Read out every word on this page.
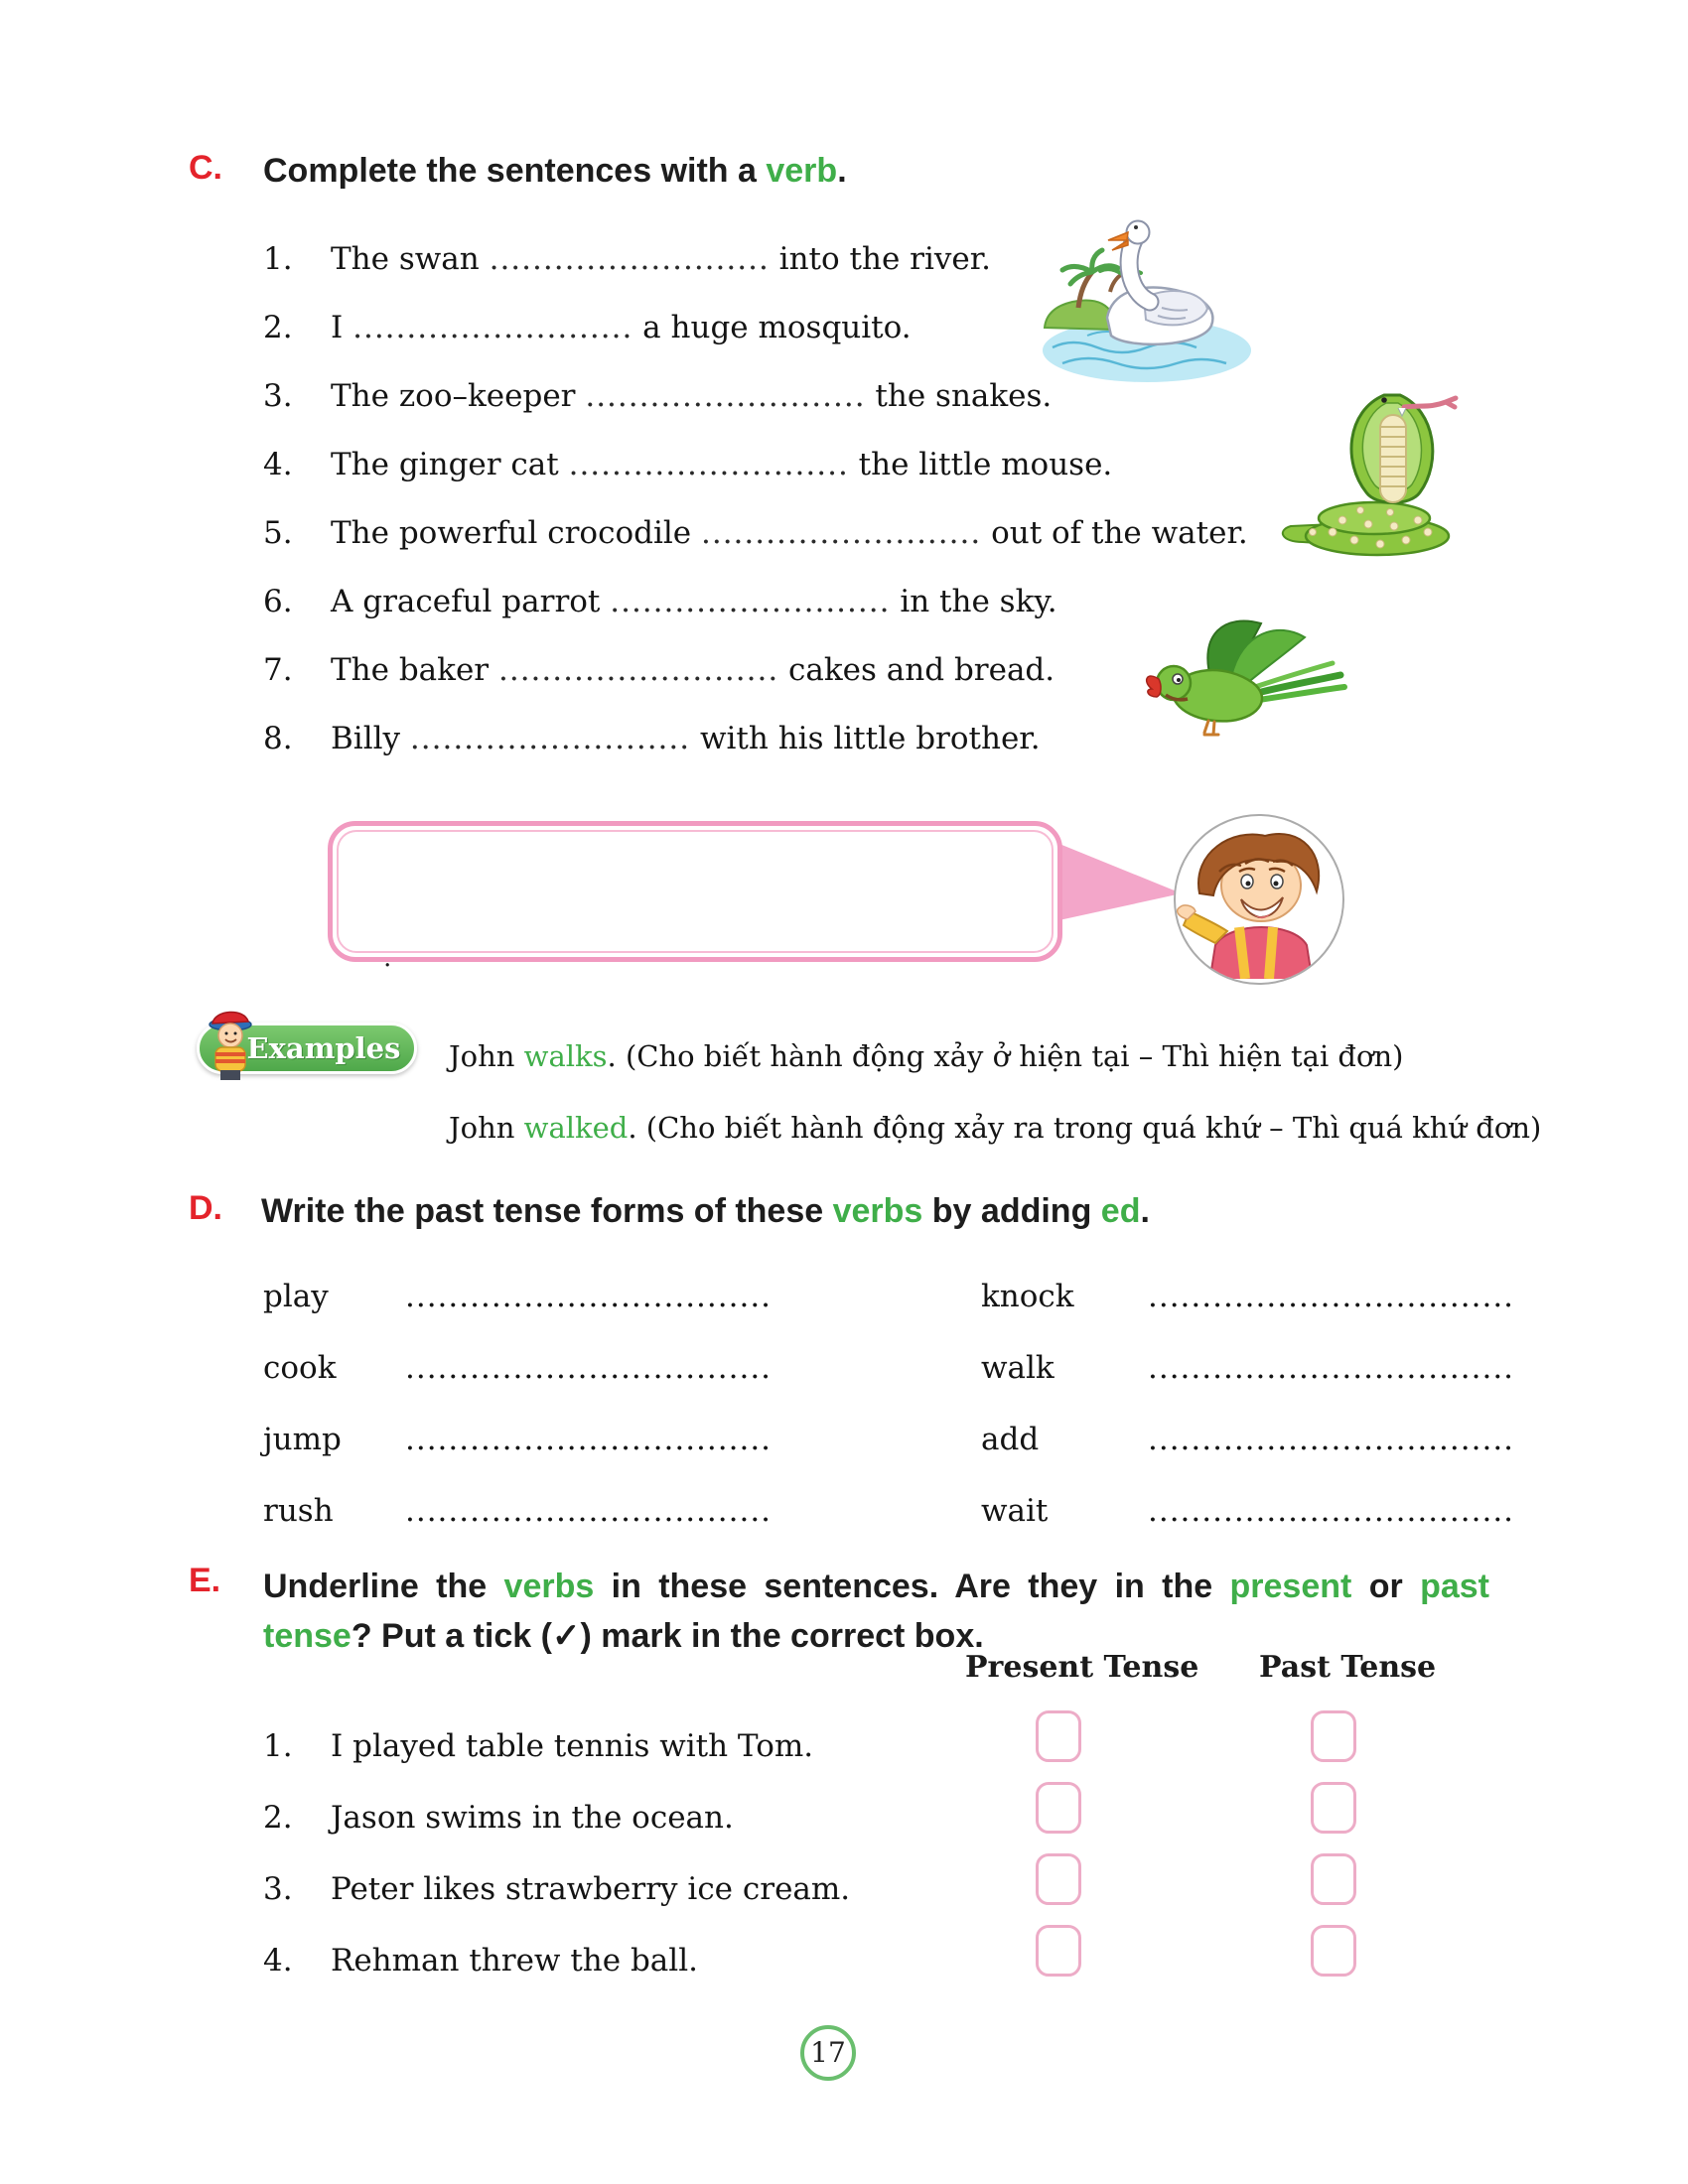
C. Complete the sentences with a verb.
1. The swan .......................... into the river.
2. I .......................... a huge mosquito.
3. The zoo–keeper .......................... the snakes.
4. The ginger cat .......................... the little mouse.
5. The powerful crocodile .......................... out of the water.
6. A graceful parrot .......................... in the sky.
7. The baker .......................... cakes and bread.
8. Billy .......................... with his little brother.
Examples	John walks. (Cho biết hành động xảy ở hiện tại – Thì hiện tại đơn)
John walked. (Cho biết hành động xảy ra trong quá khứ – Thì quá khứ đơn)
D. Write the past tense forms of these verbs by adding ed.
play ..................................	knock ..................................
cook ..................................	walk	..................................
jump ..................................	add	..................................
rush ..................................	wait	..................................
E. Underline the verbs in these sentences. Are they in the present or past
tense? Put a tick (✓) mark in the correct box.
Present Tense Past Tense
1. I played table tennis with Tom.
2. Jason swims in the ocean.
3. Peter likes strawberry ice cream.
4. Rehman threw the ball.
17
